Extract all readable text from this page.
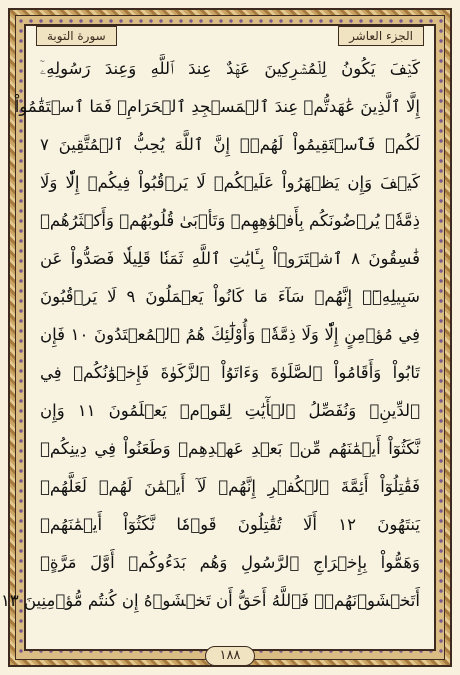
سورة التوبة	الجزء العاشر
كَيۡفَ يَكُونُ لِلۡمُشۡرِكِينَ عَهۡدٌ عِندَ ٱللَّهِ وَعِندَ رَسُولِهِۦٓ
إِلَّا ٱلَّذِينَ عَٰهَدتُّمۡ عِندَ ٱلۡمَسۡجِدِ ٱلۡحَرَامِۖ فَمَا ٱسۡتَقَٰمُواْ
لَكُمۡ فَٱسۡتَقِيمُواْ لَهُمۡۚ إِنَّ ٱللَّهَ يُحِبُّ ٱلۡمُتَّقِينَ ٧
كَيۡفَ وَإِن يَظۡهَرُواْ عَلَيۡكُمۡ لَا يَرۡقُبُواْ فِيكُمۡ إِلّٗا وَلَا
ذِمَّةٗۚ يُرۡضُونَكُم بِأَفۡوَٰهِهِمۡ وَتَأۡبَىٰ قُلُوبُهُمۡ وَأَكۡثَرُهُمۡ
فَٰسِقُونَ ٨ ٱشۡتَرَوۡاْ بِـَٔايَٰتِ ٱللَّهِ ثَمَنٗا قَلِيلٗا فَصَدُّواْ عَن
سَبِيلِهِۦٓۚ إِنَّهُمۡ سَآءَ مَا كَانُواْ يَعۡمَلُونَ ٩ لَا يَرۡقُبُونَ
فِي مُؤۡمِنٍ إِلّٗا وَلَا ذِمَّةٗۚ وَأُوْلَٰٓئِكَ هُمُ ٱلۡمُعۡتَدُونَ ١٠ فَإِن
تَابُواْ وَأَقَامُواْ ٱلصَّلَوٰةَ وَءَاتَوُاْ ٱلزَّكَوٰةَ فَإِخۡوَٰنُكُمۡ فِي
ٱلدِّينِۗ وَنُفَصِّلُ ٱلۡأٓيَٰتِ لِقَوۡمٖ يَعۡلَمُونَ ١١ وَإِن
نَّكَثُوٓاْ أَيۡمَٰنَهُم مِّنۢ بَعۡدِ عَهۡدِهِمۡ وَطَعَنُواْ فِي دِينِكُمۡ
فَقَٰتِلُوٓاْ أَئِمَّةَ ٱلۡكُفۡرِ إِنَّهُمۡ لَآ أَيۡمَٰنَ لَهُمۡ لَعَلَّهُمۡ
يَنتَهُونَ ١٢ أَلَا تُقَٰتِلُونَ قَوۡمٗا نَّكَثُوٓاْ أَيۡمَٰنَهُمۡ
وَهَمُّواْ بِإِخۡرَاجِ ٱلرَّسُولِ وَهُم بَدَءُوكُمۡ أَوَّلَ مَرَّةٍۚ
أَتَخۡشَوۡنَهُمۡۚ فَٱللَّهُ أَحَقُّ أَن تَخۡشَوۡهُ إِن كُنتُم مُّؤۡمِنِينَ ١٣
١٨٨
